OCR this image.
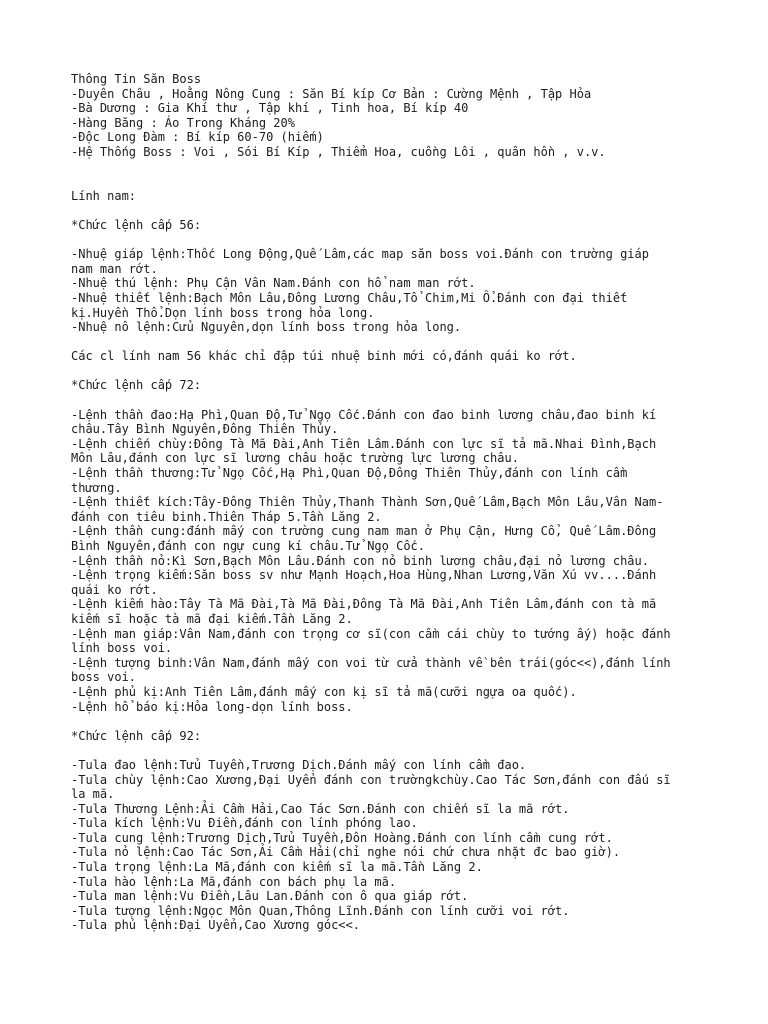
Thông Tin Săn Boss
-Duyên Châu , Hoằng Nông Cung : Săn Bí kíp Cơ Bản : Cường Mệnh , Tập Hỏa
-Bà Dương : Gia Khí thư , Tập khí , Tinh hoa, Bí kíp 40
-Hàng Băng : Áo Trong Kháng 20%
-Độc Long Đàm : Bí kíp 60-70 (hiếm)
-Hệ Thống Boss : Voi , Sói Bí Kíp , Thiểm Hoa, cuồng Lôi , quân hồn , v.v.
Lính nam:
*Chức lệnh cấp 56:
-Nhuệ giáp lệnh:Thốc Long Động,Quế Lâm,các map săn boss voi.Đánh con trường giáp
nam man rớt.
-Nhuệ thú lệnh: Phụ Cận Vân Nam.Đánh con hổ nam man rớt.
-Nhuệ thiết lệnh:Bạch Môn Lâu,Đông Lương Châu,Tổ Chim,Mi Ổ.Đánh con đại thiết
kị.Huyền Thổ.Dọn lính boss trong hỏa long.
-Nhuệ nô lệnh:Cửu Nguyên,dọn lính boss trong hỏa long.
Các cl lính nam 56 khác chỉ đập túi nhuệ binh mới có,đánh quái ko rớt.
*Chức lệnh cấp 72:
-Lệnh thần đao:Hạ Phì,Quan Độ,Tử Ngọ Cốc.Đánh con đao binh lương châu,đao binh kí
châu.Tây Bình Nguyên,Đông Thiên Thủy.
-Lệnh chiến chùy:Đông Tà Mã Đài,Anh Tiên Lâm.Đánh con lực sĩ tả mã.Nhai Đình,Bạch
Môn Lâu,đánh con lực sĩ lương châu hoặc trường lực lương châu.
-Lệnh thần thương:Tử Ngọ Cốc,Hạ Phì,Quan Độ,Đông Thiên Thủy,đánh con lính cầm
thương.
-Lệnh thiết kích:Tây-Đông Thiên Thủy,Thanh Thành Sơn,Quế Lâm,Bạch Môn Lâu,Vân Nam-
đánh con tiêu binh.Thiên Tháp 5.Tần Lăng 2.
-Lệnh thần cung:đánh mấy con trường cung nam man ở Phụ Cận, Hưng Cổ, Quế Lâm.Đông
Bình Nguyên,đánh con ngự cung kí châu.Tử Ngọ Cốc.
-Lệnh thần nỏ:Kì Sơn,Bạch Môn Lâu.Đánh con nỏ binh lương châu,đại nỏ lương châu.
-Lệnh trọng kiếm:Săn boss sv như Mạnh Hoạch,Hoa Hùng,Nhan Lương,Văn Xú vv....Đánh
quái ko rớt.
-Lệnh kiếm hào:Tây Tà Mã Đài,Tà Mã Đài,Đông Tà Mã Đài,Anh Tiên Lâm,đánh con tà mã
kiếm sĩ hoặc tà mã đại kiếm.Tần Lăng 2.
-Lệnh man giáp:Vân Nam,đánh con trọng cơ sĩ(con cầm cái chùy to tướng ấy) hoặc đánh
lính boss voi.
-Lệnh tượng binh:Vân Nam,đánh mấy con voi từ cửa thành về bên trái(góc<<),đánh lính
boss voi.
-Lệnh phủ kị:Anh Tiên Lâm,đánh mấy con kị sĩ tả mã(cưỡi ngựa oa quốc).
-Lệnh hổ báo kị:Hỏa long-dọn lính boss.
*Chức lệnh cấp 92:
-Tula đao lệnh:Tửu Tuyền,Trương Dịch.Đánh mấy con lính cầm đao.
-Tula chùy lệnh:Cao Xương,Đại Uyển đánh con trườngkchùy.Cao Tác Sơn,đánh con đấu sĩ
la mã.
-Tula Thương Lệnh:Ải Cầm Hải,Cao Tác Sơn.Đánh con chiến sĩ la mã rớt.
-Tula kích lệnh:Vu Điền,đánh con lính phóng lao.
-Tula cung lệnh:Trương Dịch,Tửu Tuyền,Đôn Hoàng.Đánh con lính cầm cung rớt.
-Tula nỏ lệnh:Cao Tác Sơn,Ải Cầm Hải(chỉ nghe nói chứ chưa nhặt đc bao giờ).
-Tula trọng lệnh:La Mã,đánh con kiếm sĩ la mã.Tần Lăng 2.
-Tula hào lệnh:La Mã,đánh con bách phụ la mã.
-Tula man lệnh:Vu Điền,Lâu Lan.Đánh con ô qua giáp rớt.
-Tula tượng lệnh:Ngọc Môn Quan,Thông Lĩnh.Đánh con lính cưỡi voi rớt.
-Tula phủ lệnh:Đại Uyển,Cao Xương góc<<.
